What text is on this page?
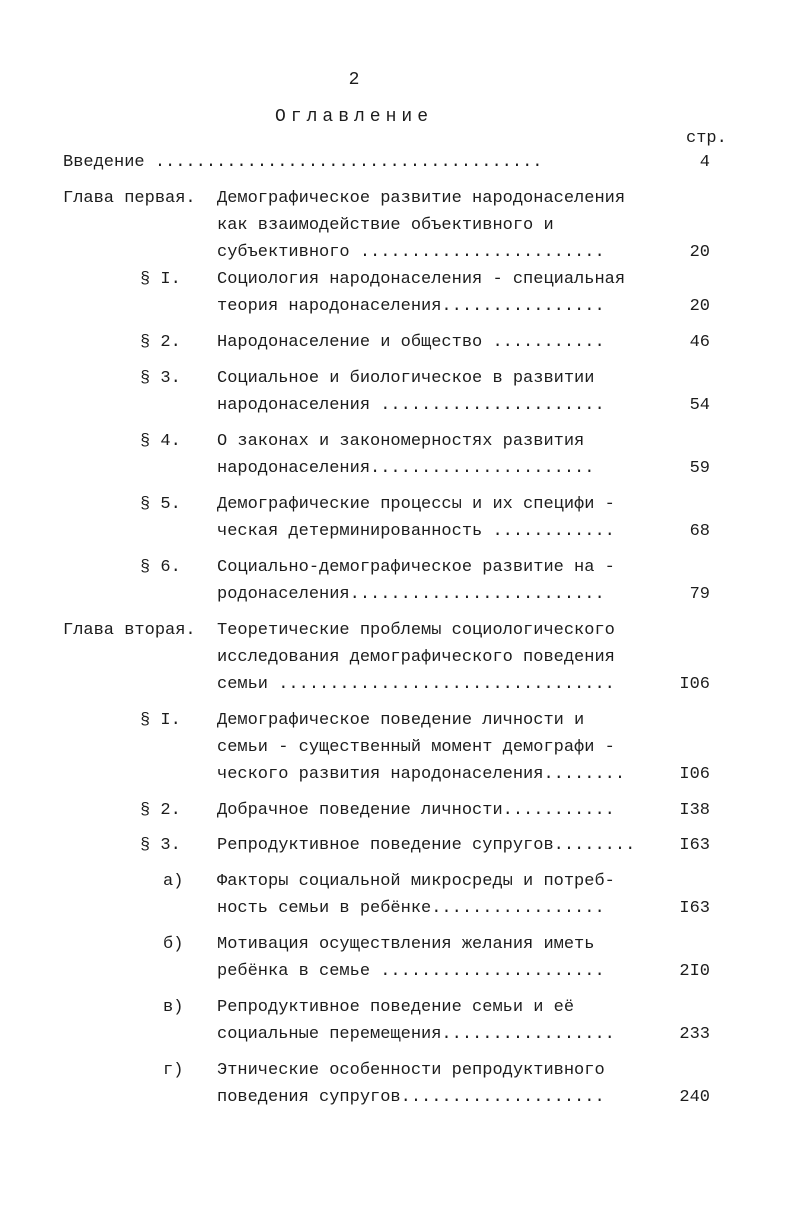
2
Оглавление
стр.
Введение ......................................	4
Глава первая. Демографическое развитие народонаселения
как взаимодействие объективного и
субъективного ........................	20
§ I. Социология народонаселения - специальная
теория народонаселения................	20
§ 2. Народонаселение и общество ...........	46
§ 3. Социальное и биологическое в развитии
народонаселения ......................	54
§ 4. О законах и закономерностях развития
народонаселения......................	59
§ 5. Демографические процессы и их специфи -
ческая детерминированность ............	68
§ 6. Социально-демографическое развитие на -
родонаселения.........................	79
Глава вторая. Теоретические проблемы социологического
исследования демографического поведения
семьи .................................	I06
§ I. Демографическое поведение личности и
семьи - существенный момент демографи -
ческого развития народонаселения........	I06
§ 2. Добрачное поведение личности...........	I38
§ 3. Репродуктивное поведение супругов........	I63
а) Факторы социальной микросреды и потреб-
ность семьи в ребёнке.................	I63
б) Мотивация осуществления желания иметь
ребёнка в семье ......................	2I0
в) Репродуктивное поведение семьи и её
социальные перемещения.................	233
г) Этнические особенности репродуктивного
поведения супругов....................	240
